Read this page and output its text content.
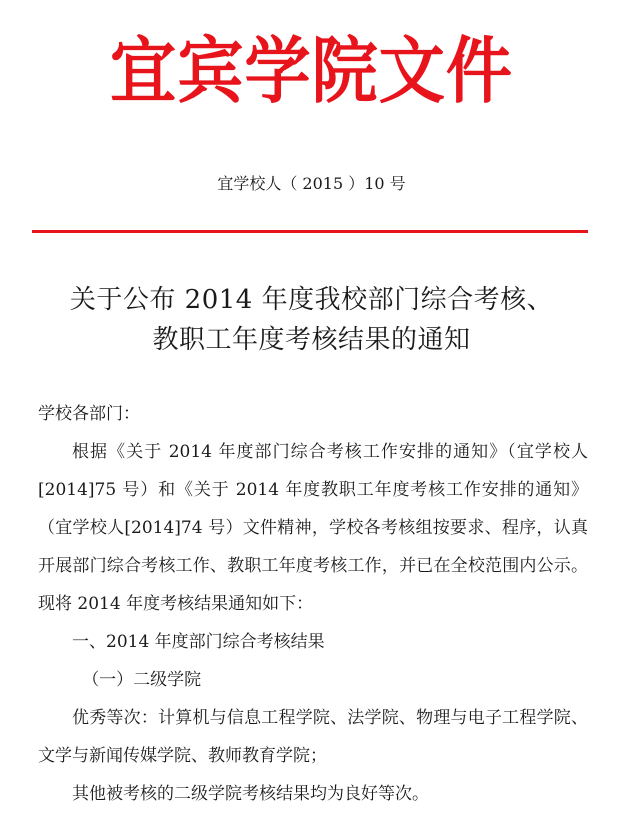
宜宾学院文件
宜学校人（ 2015 ）10 号
关于公布 2014 年度我校部门综合考核、
教职工年度考核结果的通知

学校各部门：

根据《关于 2014 年度部门综合考核工作安排的通知》（宜学校人[2014]75 号）和《关于 2014 年度教职工年度考核工作安排的通知》（宜学校人[2014]74 号）文件精神，学校各考核组按要求、程序，认真开展部门综合考核工作、教职工年度考核工作，并已在全校范围内公示。现将 2014 年度考核结果通知如下：

一、2014 年度部门综合考核结果

（一）二级学院

优秀等次：计算机与信息工程学院、法学院、物理与电子工程学院、文学与新闻传媒学院、教师教育学院；

其他被考核的二级学院考核结果均为良好等次。
